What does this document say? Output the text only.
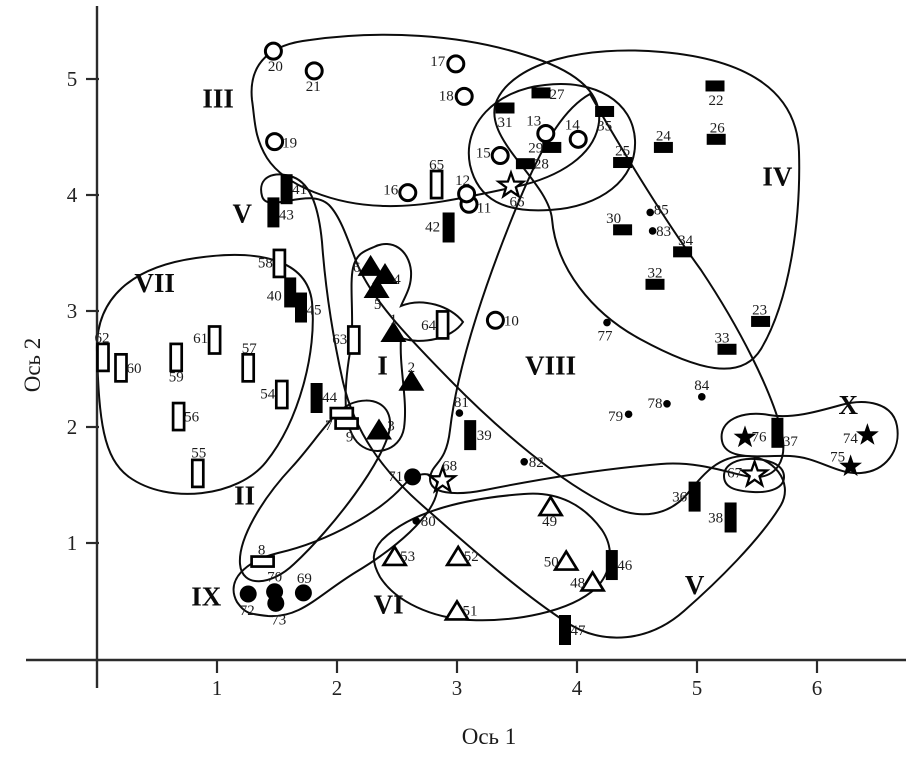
1	2	3	4	5	6
1
2
3
4
5
1
2
3
4
5
6
7
8
9
10
11
12
13 14
15
16
17
18
19
20
21
22
23
24
25
26
27
28
29
30
31
32
33
34
35
36
37
38
39
40
41
42
43
44
45
46
47
48
49
50
51
52
53
54
55
56
57
58
59
60
61
62	63
64
65
66
67
68
69
70
71
72
73
74
75
76
77
78
79
80
81
82
83
84
85
I
II
III
IV
V
V
VI
VII
VIII
IX
X
Ось 1
Ось 2
